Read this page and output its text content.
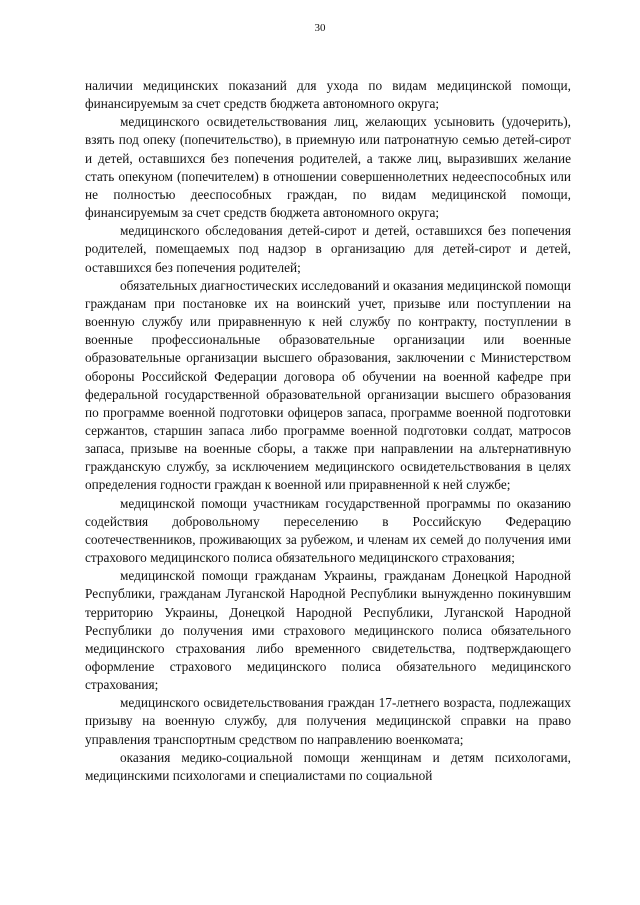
30

наличии медицинских показаний для ухода по видам медицинской помощи, финансируемым за счет средств бюджета автономного округа;

медицинского освидетельствования лиц, желающих усыновить (удочерить), взять под опеку (попечительство), в приемную или патронатную семью детей-сирот и детей, оставшихся без попечения родителей, а также лиц, выразивших желание стать опекуном (попечителем) в отношении совершеннолетних недееспособных или не полностью дееспособных граждан, по видам медицинской помощи, финансируемым за счет средств бюджета автономного округа;

медицинского обследования детей-сирот и детей, оставшихся без попечения родителей, помещаемых под надзор в организацию для детей-сирот и детей, оставшихся без попечения родителей;

обязательных диагностических исследований и оказания медицинской помощи гражданам при постановке их на воинский учет, призыве или поступлении на военную службу или приравненную к ней службу по контракту, поступлении в военные профессиональные образовательные организации или военные образовательные организации высшего образования, заключении с Министерством обороны Российской Федерации договора об обучении на военной кафедре при федеральной государственной образовательной организации высшего образования по программе военной подготовки офицеров запаса, программе военной подготовки сержантов, старшин запаса либо программе военной подготовки солдат, матросов запаса, призыве на военные сборы, а также при направлении на альтернативную гражданскую службу, за исключением медицинского освидетельствования в целях определения годности граждан к военной или приравненной к ней службе;

медицинской помощи участникам государственной программы по оказанию содействия добровольному переселению в Российскую Федерацию соотечественников, проживающих за рубежом, и членам их семей до получения ими страхового медицинского полиса обязательного медицинского страхования;

медицинской помощи гражданам Украины, гражданам Донецкой Народной Республики, гражданам Луганской Народной Республики вынужденно покинувшим территорию Украины, Донецкой Народной Республики, Луганской Народной Республики до получения ими страхового медицинского полиса обязательного медицинского страхования либо временного свидетельства, подтверждающего оформление страхового медицинского полиса обязательного медицинского страхования;

медицинского освидетельствования граждан 17-летнего возраста, подлежащих призыву на военную службу, для получения медицинской справки на право управления транспортным средством по направлению военкомата;

оказания медико-социальной помощи женщинам и детям психологами, медицинскими психологами и специалистами по социальной
